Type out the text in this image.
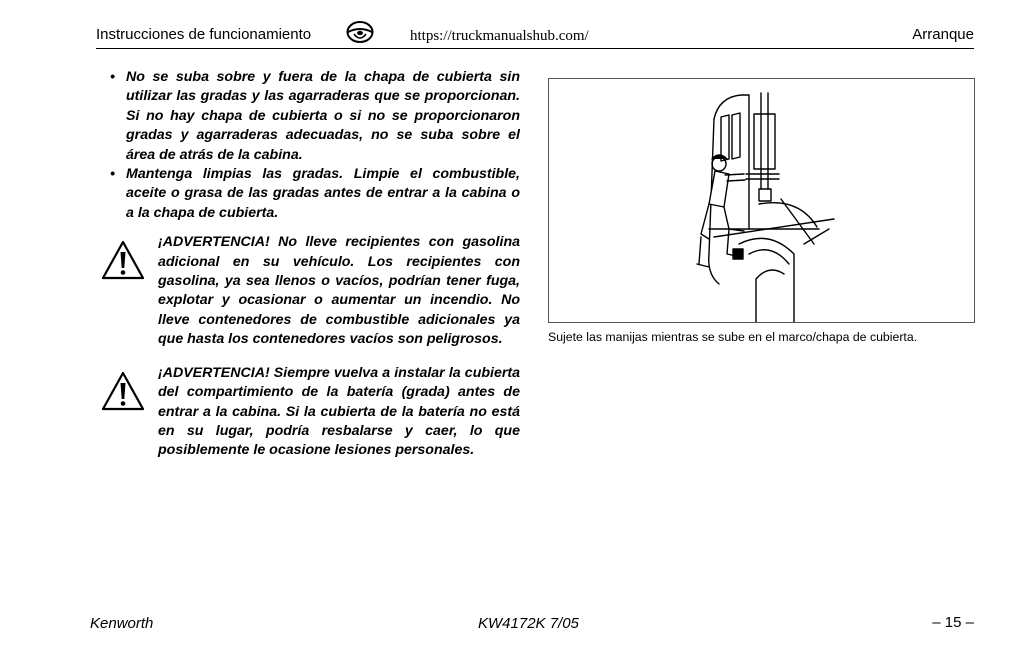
Instrucciones de funcionamiento	https://truckmanualshub.com/	Arranque
• No se suba sobre y fuera de la chapa de cubierta sin utilizar las gradas y las agarraderas que se proporcionan. Si no hay chapa de cubierta o si no se proporcionaron gradas y agarraderas adecuadas, no se suba sobre el área de atrás de la cabina.
• Mantenga limpias las gradas. Limpie el combustible, aceite o grasa de las gradas antes de entrar a la cabina o a la chapa de cubierta.
¡ADVERTENCIA! No lleve recipientes con gasolina adicional en su vehículo. Los recipientes con gasolina, ya sea llenos o vacíos, podrían tener fuga, explotar y ocasionar o aumentar un incendio. No lleve contenedores de combustible adicionales ya que hasta los contenedores vacíos son peligrosos.
¡ADVERTENCIA! Siempre vuelva a instalar la cubierta del compartimiento de la batería (grada) antes de entrar a la cabina. Si la cubierta de la batería no está en su lugar, podría resbalarse y caer, lo que posiblemente le ocasione lesiones personales.
Sujete las manijas mientras se sube en el marco/chapa de cubierta.
Kenworth	KW4172K 7/05	– 15 –
